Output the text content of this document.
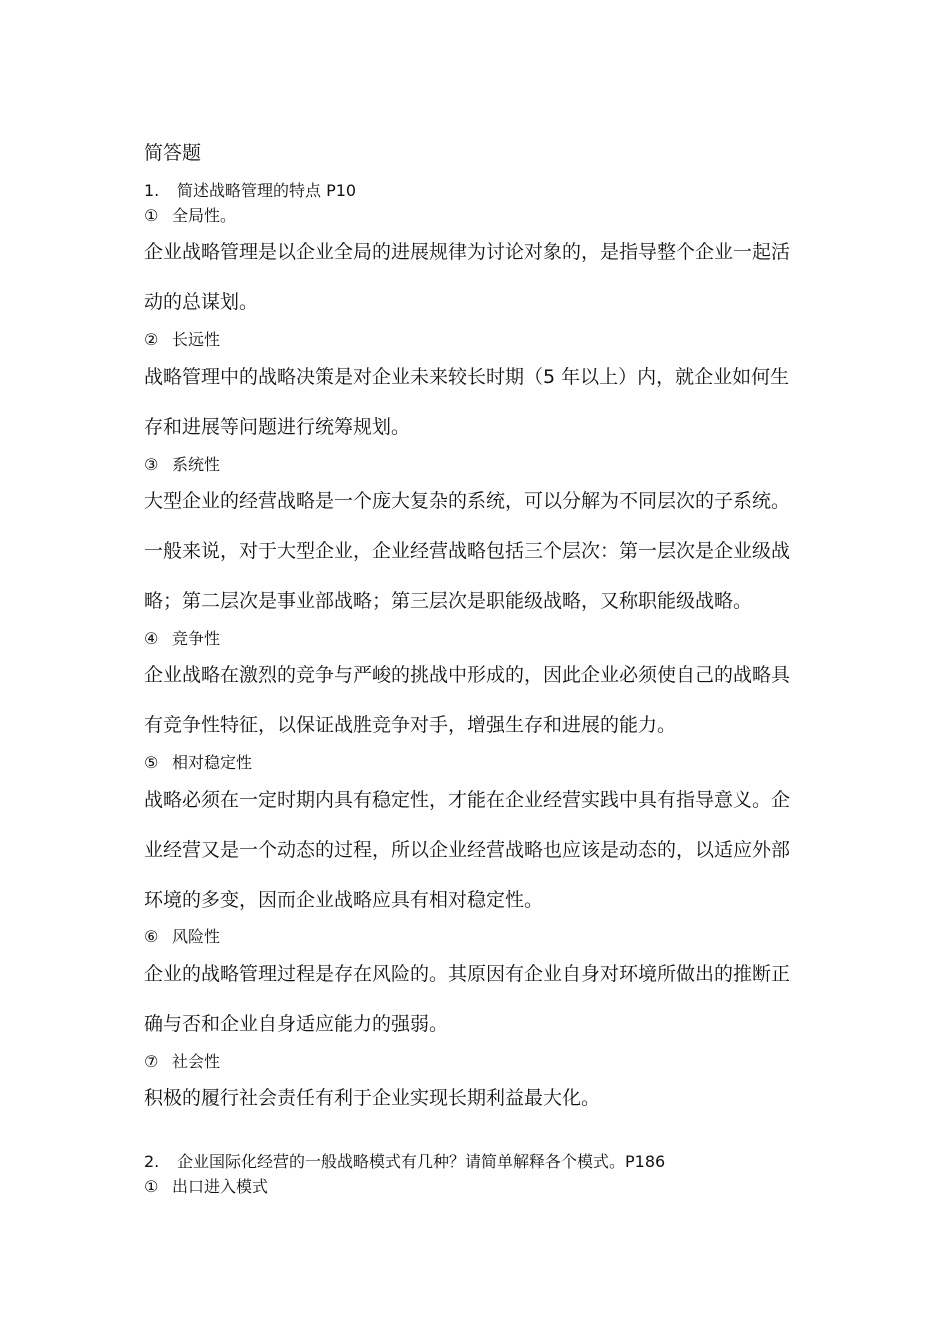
简答题
1. 简述战略管理的特点 P10
① 全局性。
企业战略管理是以企业全局的进展规律为讨论对象的，是指导整个企业一起活
动的总谋划。
② 长远性
战略管理中的战略决策是对企业未来较长时期（5 年以上）内，就企业如何生
存和进展等问题进行统筹规划。
③ 系统性
大型企业的经营战略是一个庞大复杂的系统，可以分解为不同层次的子系统。
一般来说，对于大型企业，企业经营战略包括三个层次：第一层次是企业级战
略；第二层次是事业部战略；第三层次是职能级战略，又称职能级战略。
④ 竞争性
企业战略在激烈的竞争与严峻的挑战中形成的，因此企业必须使自己的战略具
有竞争性特征，以保证战胜竞争对手，增强生存和进展的能力。
⑤ 相对稳定性
战略必须在一定时期内具有稳定性，才能在企业经营实践中具有指导意义。企
业经营又是一个动态的过程，所以企业经营战略也应该是动态的，以适应外部
环境的多变，因而企业战略应具有相对稳定性。
⑥ 风险性
企业的战略管理过程是存在风险的。其原因有企业自身对环境所做出的推断正
确与否和企业自身适应能力的强弱。
⑦ 社会性
积极的履行社会责任有利于企业实现长期利益最大化。
2. 企业国际化经营的一般战略模式有几种？请简单解释各个模式。P186
① 出口进入模式
